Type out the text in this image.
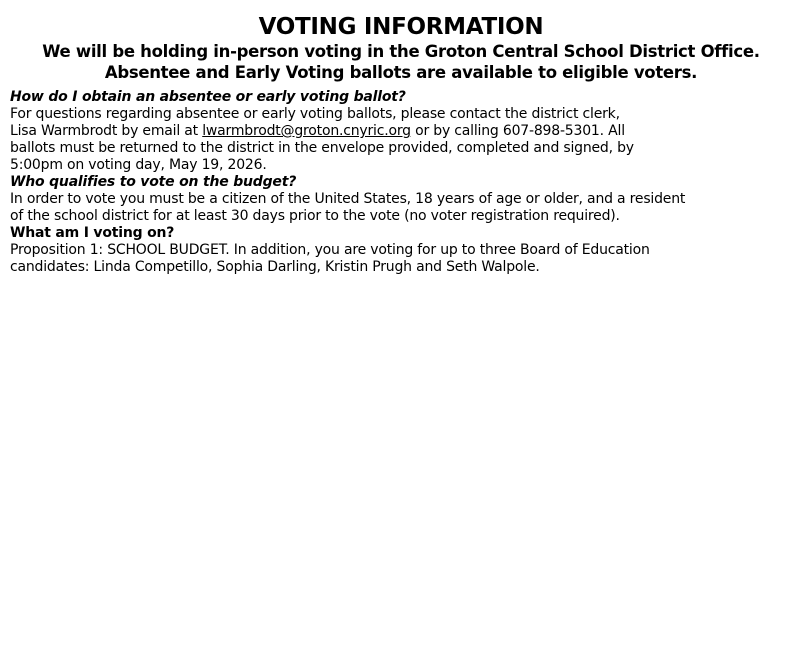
VOTING INFORMATION

We will be holding in-person voting in the Groton Central School District Office.

Absentee and Early Voting ballots are available to eligible voters.

How do I obtain an absentee or early voting ballot?

For questions regarding absentee or early voting ballots, please contact the district clerk,
Lisa Warmbrodt by email at lwarmbrodt@groton.cnyric.org or by calling 607-898-5301. All
ballots must be returned to the district in the envelope provided, completed and signed, by
5:00pm on voting day, May 19, 2026.

Who qualifies to vote on the budget?

In order to vote you must be a citizen of the United States, 18 years of age or older, and a resident
of the school district for at least 30 days prior to the vote (no voter registration required).

What am I voting on?

Proposition 1: SCHOOL BUDGET. In addition, you are voting for up to three Board of Education
candidates: Linda Competillo, Sophia Darling, Kristin Prugh and Seth Walpole.
